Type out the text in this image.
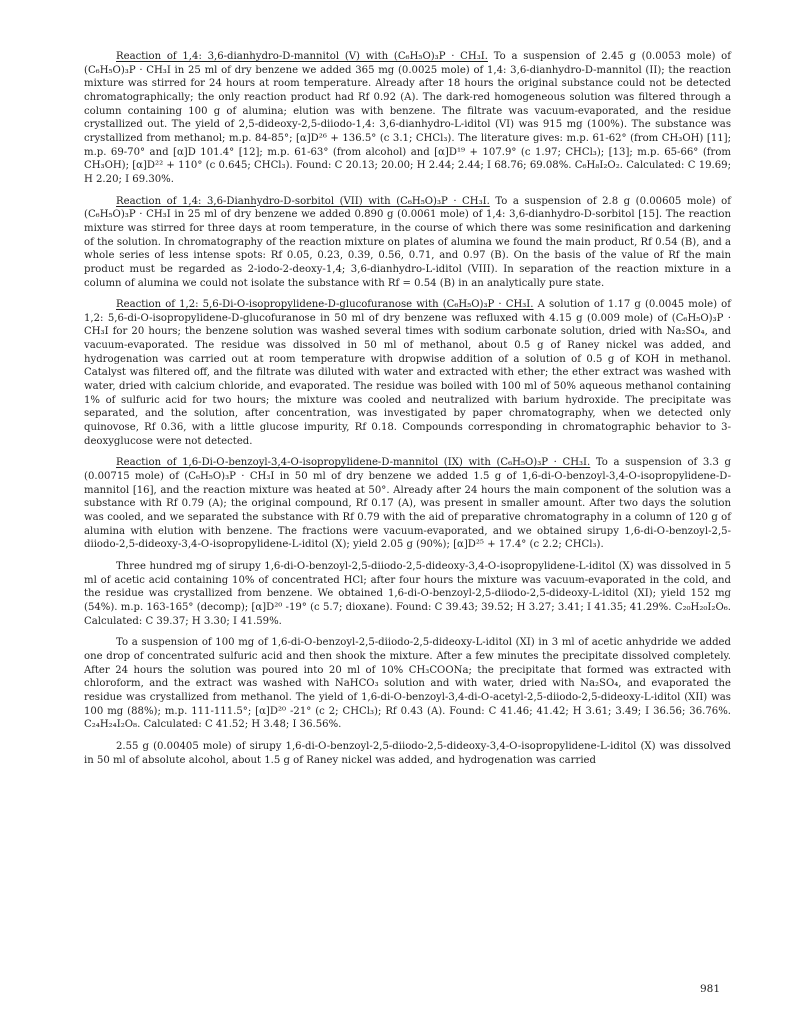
Reaction of 1,4: 3,6-dianhydro-D-mannitol (V) with (C₆H₅O)₃P · CH₃I. To a suspension of 2.45 g (0.0053 mole) of (C₆H₅O)₃P · CH₃I in 25 ml of dry benzene we added 365 mg (0.0025 mole) of 1,4: 3,6-dianhydro-D-mannitol (II); the reaction mixture was stirred for 24 hours at room temperature. Already after 18 hours the original substance could not be detected chromatographically; the only reaction product had Rf 0.92 (A). The dark-red homogeneous solution was filtered through a column containing 100 g of alumina; elution was with benzene. The filtrate was vacuum-evaporated, and the residue crystallized out. The yield of 2,5-dideoxy-2,5-diiodo-1,4: 3,6-dianhydro-L-iditol (VI) was 915 mg (100%). The substance was crystallized from methanol; m.p. 84-85°; [α]D²⁶ + 136.5° (c 3.1; CHCl₃). The literature gives: m.p. 61-62° (from CH₃OH) [11]; m.p. 69-70° and [α]D 101.4° [12]; m.p. 61-63° (from alcohol) and [α]D¹⁹ + 107.9° (c 1.97; CHCl₃); [13]; m.p. 65-66° (from CH₃OH); [α]D²² + 110° (c 0.645; CHCl₃). Found: C 20.13; 20.00; H 2.44; 2.44; I 68.76; 69.08%. C₆H₈I₂O₂. Calculated: C 19.69; H 2.20; I 69.30%.

Reaction of 1,4: 3,6-Dianhydro-D-sorbitol (VII) with (C₆H₅O)₃P · CH₃I. To a suspension of 2.8 g (0.00605 mole) of (C₆H₅O)₃P · CH₃I in 25 ml of dry benzene we added 0.890 g (0.0061 mole) of 1,4: 3,6-dianhydro-D-sorbitol [15]. The reaction mixture was stirred for three days at room temperature, in the course of which there was some resinification and darkening of the solution. In chromatography of the reaction mixture on plates of alumina we found the main product, Rf 0.54 (B), and a whole series of less intense spots: Rf 0.05, 0.23, 0.39, 0.56, 0.71, and 0.97 (B). On the basis of the value of Rf the main product must be regarded as 2-iodo-2-deoxy-1,4; 3,6-dianhydro-L-iditol (VIII). In separation of the reaction mixture in a column of alumina we could not isolate the substance with Rf = 0.54 (B) in an analytically pure state.

Reaction of 1,2: 5,6-Di-O-isopropylidene-D-glucofuranose with (C₆H₅O)₃P · CH₃I. A solution of 1.17 g (0.0045 mole) of 1,2: 5,6-di-O-isopropylidene-D-glucofuranose in 50 ml of dry benzene was refluxed with 4.15 g (0.009 mole) of (C₆H₅O)₃P · CH₃I for 20 hours; the benzene solution was washed several times with sodium carbonate solution, dried with Na₂SO₄, and vacuum-evaporated. The residue was dissolved in 50 ml of methanol, about 0.5 g of Raney nickel was added, and hydrogenation was carried out at room temperature with dropwise addition of a solution of 0.5 g of KOH in methanol. Catalyst was filtered off, and the filtrate was diluted with water and extracted with ether; the ether extract was washed with water, dried with calcium chloride, and evaporated. The residue was boiled with 100 ml of 50% aqueous methanol containing 1% of sulfuric acid for two hours; the mixture was cooled and neutralized with barium hydroxide. The precipitate was separated, and the solution, after concentration, was investigated by paper chromatography, when we detected only quinovose, Rf 0.36, with a little glucose impurity, Rf 0.18. Compounds corresponding in chromatographic behavior to 3-deoxyglucose were not detected.

Reaction of 1,6-Di-O-benzoyl-3,4-O-isopropylidene-D-mannitol (IX) with (C₆H₅O)₃P · CH₃I. To a suspension of 3.3 g (0.00715 mole) of (C₆H₅O)₃P · CH₃I in 50 ml of dry benzene we added 1.5 g of 1,6-di-O-benzoyl-3,4-O-isopropylidene-D-mannitol [16], and the reaction mixture was heated at 50°. Already after 24 hours the main component of the solution was a substance with Rf 0.79 (A); the original compound, Rf 0.17 (A), was present in smaller amount. After two days the solution was cooled, and we separated the substance with Rf 0.79 with the aid of preparative chromatography in a column of 120 g of alumina with elution with benzene. The fractions were vacuum-evaporated, and we obtained sirupy 1,6-di-O-benzoyl-2,5-diiodo-2,5-dideoxy-3,4-O-isopropylidene-L-iditol (X); yield 2.05 g (90%); [α]D²⁵ + 17.4° (c 2.2; CHCl₃).

Three hundred mg of sirupy 1,6-di-O-benzoyl-2,5-diiodo-2,5-dideoxy-3,4-O-isopropylidene-L-iditol (X) was dissolved in 5 ml of acetic acid containing 10% of concentrated HCl; after four hours the mixture was vacuum-evaporated in the cold, and the residue was crystallized from benzene. We obtained 1,6-di-O-benzoyl-2,5-diiodo-2,5-dideoxy-L-iditol (XI); yield 152 mg (54%). m.p. 163-165° (decomp); [α]D²⁰ -19° (c 5.7; dioxane). Found: C 39.43; 39.52; H 3.27; 3.41; I 41.35; 41.29%. C₂₀H₂₀I₂O₆. Calculated: C 39.37; H 3.30; I 41.59%.

To a suspension of 100 mg of 1,6-di-O-benzoyl-2,5-diiodo-2,5-dideoxy-L-iditol (XI) in 3 ml of acetic anhydride we added one drop of concentrated sulfuric acid and then shook the mixture. After a few minutes the precipitate dissolved completely. After 24 hours the solution was poured into 20 ml of 10% CH₃COONa; the precipitate that formed was extracted with chloroform, and the extract was washed with NaHCO₃ solution and with water, dried with Na₂SO₄, and evaporated the residue was crystallized from methanol. The yield of 1,6-di-O-benzoyl-3,4-di-O-acetyl-2,5-diiodo-2,5-dideoxy-L-iditol (XII) was 100 mg (88%); m.p. 111-111.5°; [α]D²⁰ -21° (c 2; CHCl₃); Rf 0.43 (A). Found: C 41.46; 41.42; H 3.61; 3.49; I 36.56; 36.76%. C₂₄H₂₄I₂O₈. Calculated: C 41.52; H 3.48; I 36.56%.

2.55 g (0.00405 mole) of sirupy 1,6-di-O-benzoyl-2,5-diiodo-2,5-dideoxy-3,4-O-isopropylidene-L-iditol (X) was dissolved in 50 ml of absolute alcohol, about 1.5 g of Raney nickel was added, and hydrogenation was carried

981
